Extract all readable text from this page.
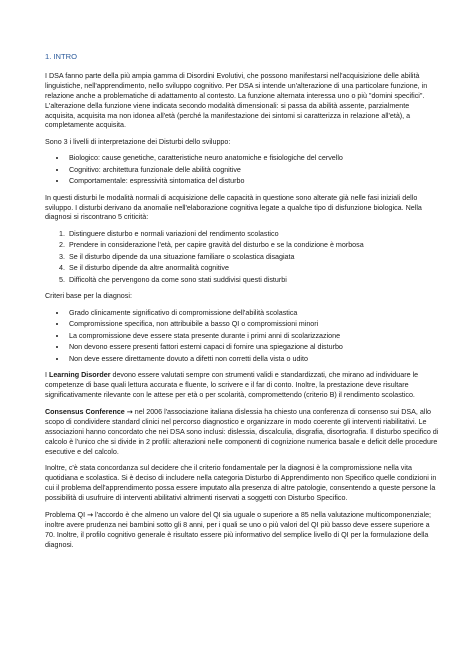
1. INTRO

I DSA fanno parte della più ampia gamma di Disordini Evolutivi, che possono manifestarsi nell'acquisizione delle abilità linguistiche, nell'apprendimento, nello sviluppo cognitivo. Per DSA si intende un'alterazione di una particolare funzione, in relazione anche a problematiche di adattamento al contesto. La funzione alternata interessa uno o più "domini specifici". L'alterazione della funzione viene indicata secondo modalità dimensionali: si passa da abilità assente, parzialmente acquisita, acquisita ma non idonea all'età (perché la manifestazione dei sintomi si caratterizza in relazione all'età), a completamente acquisita.

Sono 3 i livelli di interpretazione dei Disturbi dello sviluppo:

• Biologico: cause genetiche, caratteristiche neuro anatomiche e fisiologiche del cervello
• Cognitivo: architettura funzionale delle abilità cognitive
• Comportamentale: espressività sintomatica del disturbo

In questi disturbi le modalità normali di acquisizione delle capacità in questione sono alterate già nelle fasi iniziali dello sviluppo. I disturbi derivano da anomalie nell'elaborazione cognitiva legate a qualche tipo di disfunzione biologica. Nella diagnosi si riscontrano 5 criticità:

1. Distinguere disturbo e normali variazioni del rendimento scolastico
2. Prendere in considerazione l'età, per capire gravità del disturbo e se la condizione è morbosa
3. Se il disturbo dipende da una situazione familiare o scolastica disagiata
4. Se il disturbo dipende da altre anormalità cognitive
5. Difficoltà che pervengono da come sono stati suddivisi questi disturbi

Criteri base per la diagnosi:

• Grado clinicamente significativo di compromissione dell'abilità scolastica
• Compromissione specifica, non attribuibile a basso QI o compromissioni minori
• La compromissione deve essere stata presente durante i primi anni di scolarizzazione
• Non devono essere presenti fattori esterni capaci di fornire una spiegazione al disturbo
• Non deve essere direttamente dovuto a difetti non corretti della vista o udito

I Learning Disorder devono essere valutati sempre con strumenti validi e standardizzati, che mirano ad individuare le competenze di base quali lettura accurata e fluente, lo scrivere e il far di conto. Inoltre, la prestazione deve risultare significativamente rilevante con le attese per età o per scolarità, compromettendo (criterio B) il rendimento scolastico.

Consensus Conference → nel 2006 l'associazione italiana dislessia ha chiesto una conferenza di consenso sui DSA, allo scopo di condividere standard clinici nel percorso diagnostico e organizzare in modo coerente gli interventi riabilitativi. Le associazioni hanno concordato che nei DSA sono inclusi: dislessia, discalculia, disgrafia, disortografia. Il disturbo specifico di calcolo è l'unico che si divide in 2 profili: alterazioni nelle componenti di cognizione numerica basale e deficit delle procedure esecutive e del calcolo.

Inoltre, c'è stata concordanza sul decidere che il criterio fondamentale per la diagnosi è la compromissione nella vita quotidiana e scolastica. Si è deciso di includere nella categoria Disturbo di Apprendimento non Specifico quelle condizioni in cui il problema dell'apprendimento possa essere imputato alla presenza di altre patologie, consentendo a queste persone la possibilità di usufruire di interventi abilitativi altrimenti riservati a soggetti con Disturbo Specifico.

Problema QI → l'accordo è che almeno un valore del QI sia uguale o superiore a 85 nella valutazione multicomponenziale; inoltre avere prudenza nei bambini sotto gli 8 anni, per i quali se uno o più valori del QI più basso deve essere superiore a 70. Inoltre, il profilo cognitivo generale è risultato essere più informativo del semplice livello di QI per la formulazione della diagnosi.
